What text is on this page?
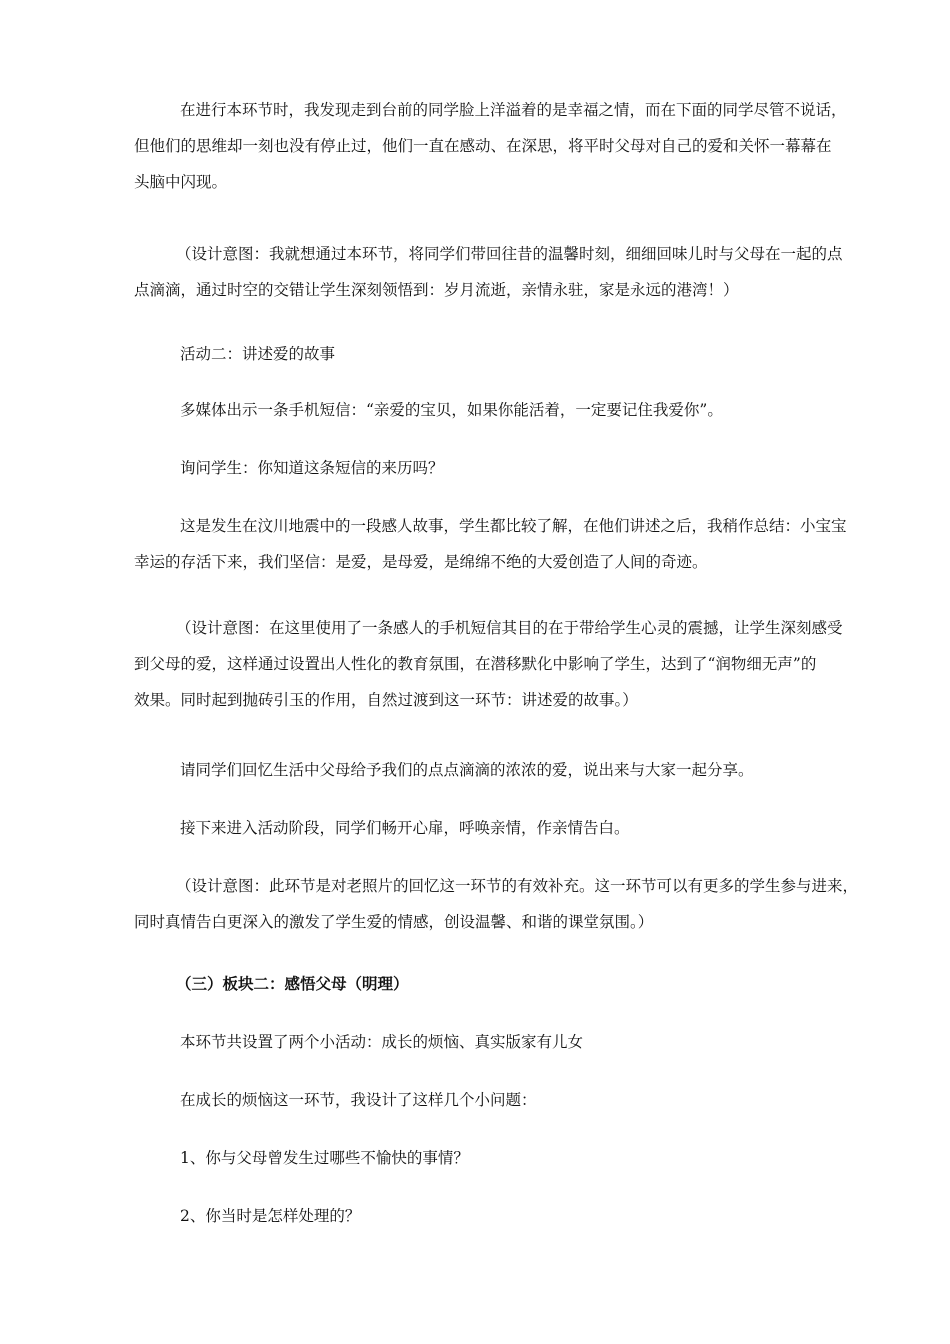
在进行本环节时，我发现走到台前的同学脸上洋溢着的是幸福之情，而在下面的同学尽管不说话，
但他们的思维却一刻也没有停止过，他们一直在感动、在深思，将平时父母对自己的爱和关怀一幕幕在
头脑中闪现。
（设计意图：我就想通过本环节，将同学们带回往昔的温馨时刻，细细回味儿时与父母在一起的点
点滴滴，通过时空的交错让学生深刻领悟到：岁月流逝，亲情永驻，家是永远的港湾！）
活动二：讲述爱的故事
多媒体出示一条手机短信：“亲爱的宝贝，如果你能活着，一定要记住我爱你”。
询问学生：你知道这条短信的来历吗？
这是发生在汶川地震中的一段感人故事，学生都比较了解，在他们讲述之后，我稍作总结：小宝宝
幸运的存活下来，我们坚信：是爱，是母爱，是绵绵不绝的大爱创造了人间的奇迹。
（设计意图：在这里使用了一条感人的手机短信其目的在于带给学生心灵的震撼，让学生深刻感受
到父母的爱，这样通过设置出人性化的教育氛围，在潜移默化中影响了学生，达到了“润物细无声”的
效果。同时起到抛砖引玉的作用，自然过渡到这一环节：讲述爱的故事。）
请同学们回忆生活中父母给予我们的点点滴滴的浓浓的爱，说出来与大家一起分享。
接下来进入活动阶段，同学们畅开心扉，呼唤亲情，作亲情告白。
（设计意图：此环节是对老照片的回忆这一环节的有效补充。这一环节可以有更多的学生参与进来，
同时真情告白更深入的激发了学生爱的情感，创设温馨、和谐的课堂氛围。）
（三）板块二：感悟父母（明理）
本环节共设置了两个小活动：成长的烦恼、真实版家有儿女
在成长的烦恼这一环节，我设计了这样几个小问题：
1、你与父母曾发生过哪些不愉快的事情？
2、你当时是怎样处理的？
